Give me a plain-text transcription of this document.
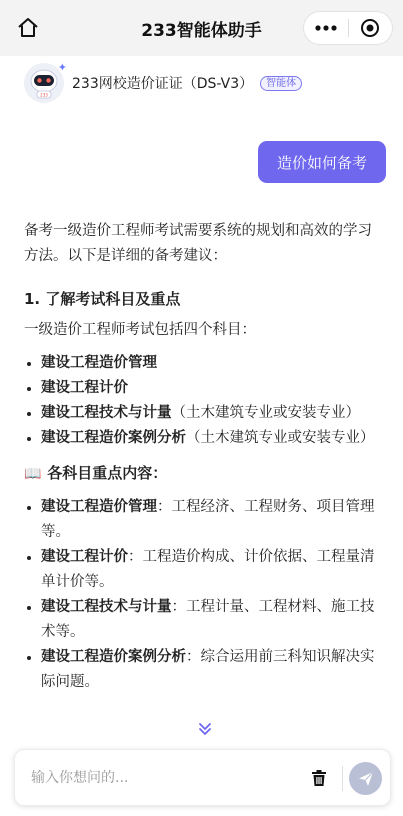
233智能体助手
233
✦
233网校造价证证（DS-V3）	智能体
造价如何备考

备考一级造价工程师考试需要系统的规划和高效的学习方法。以下是详细的备考建议：

1. 了解考试科目及重点

一级造价工程师考试包括四个科目：

建设工程造价管理
建设工程计价
建设工程技术与计量（土木建筑专业或安装专业）
建设工程造价案例分析（土木建筑专业或安装专业）

📖 各科目重点内容：

建设工程造价管理：工程经济、工程财务、项目管理等。
建设工程计价：工程造价构成、计价依据、工程量清单计价等。
建设工程技术与计量：工程计量、工程材料、施工技术等。
建设工程造价案例分析：综合运用前三科知识解决实际问题。
输入你想问的...
